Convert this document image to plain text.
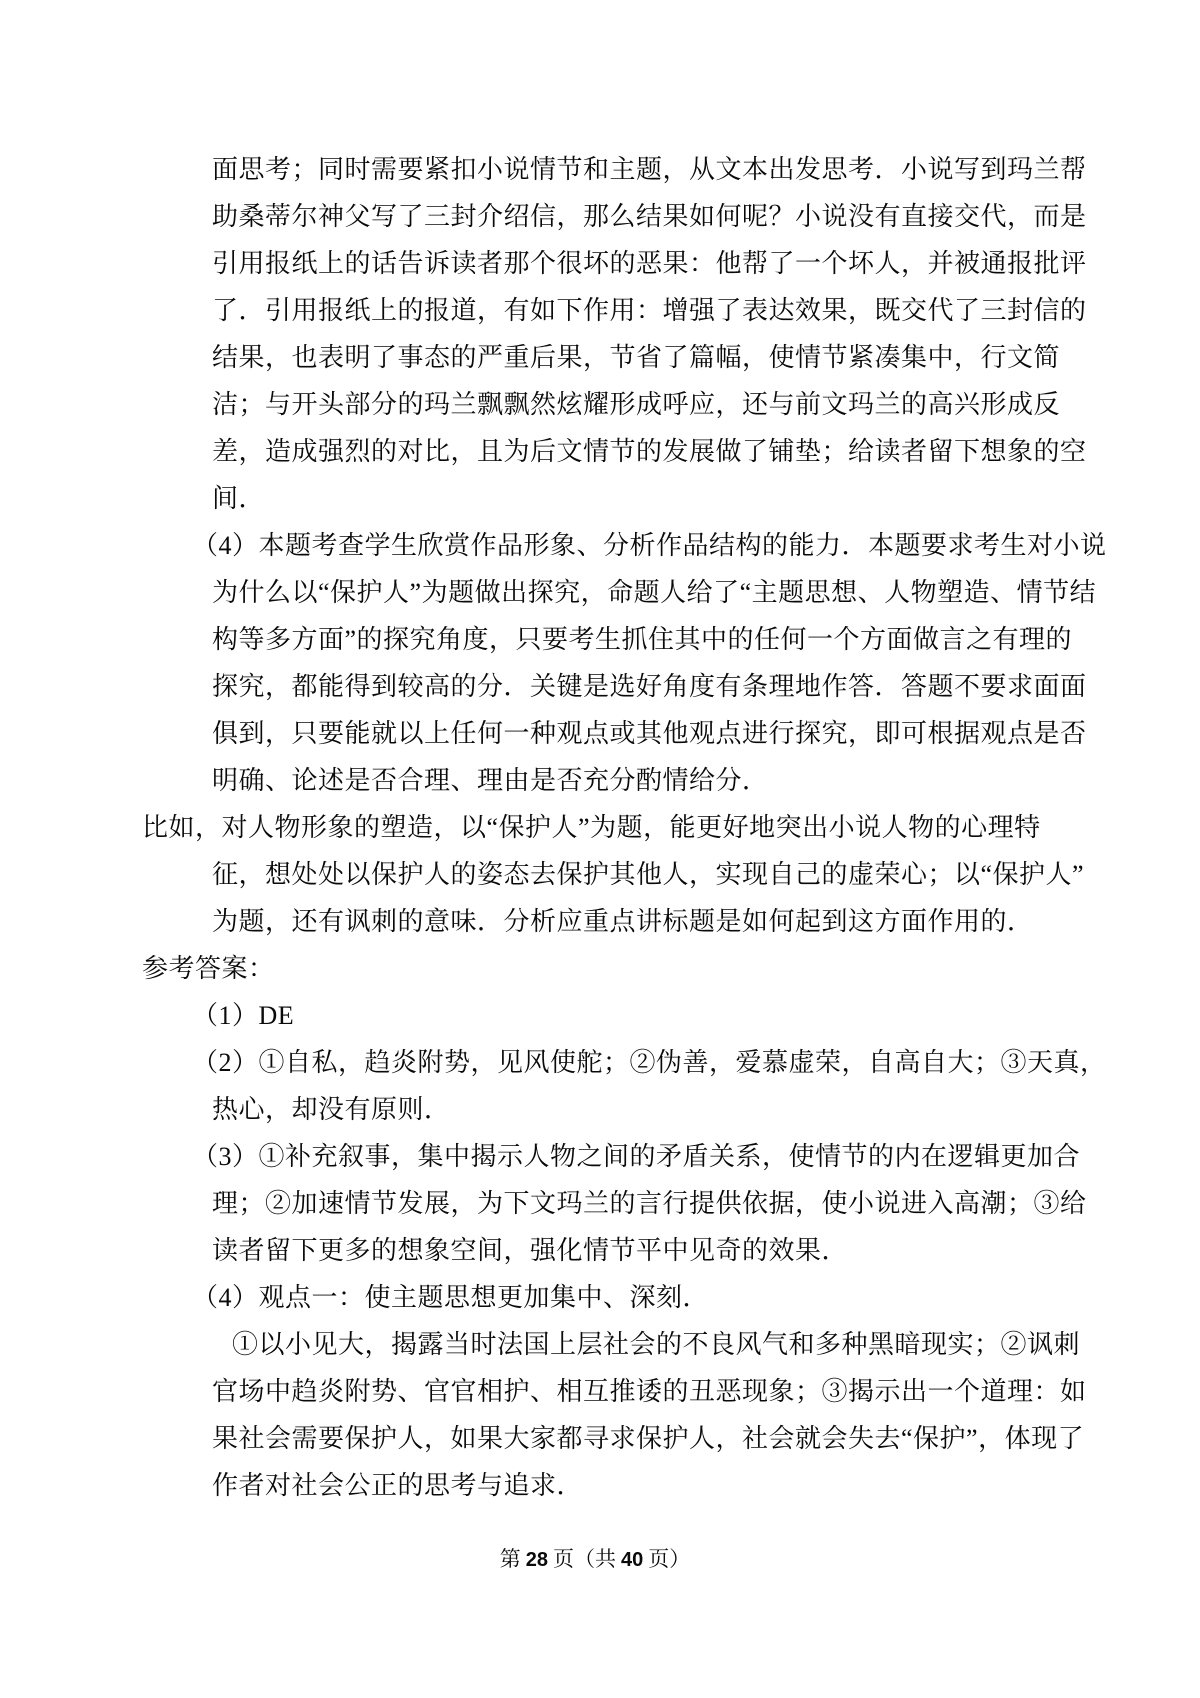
面思考；同时需要紧扣小说情节和主题，从文本出发思考．小说写到玛兰帮
助桑蒂尔神父写了三封介绍信，那么结果如何呢？小说没有直接交代，而是
引用报纸上的话告诉读者那个很坏的恶果：他帮了一个坏人，并被通报批评
了．引用报纸上的报道，有如下作用：增强了表达效果，既交代了三封信的
结果，也表明了事态的严重后果，节省了篇幅，使情节紧凑集中，行文简
洁；与开头部分的玛兰飘飘然炫耀形成呼应，还与前文玛兰的高兴形成反
差，造成强烈的对比，且为后文情节的发展做了铺垫；给读者留下想象的空
间．
（4）本题考查学生欣赏作品形象、分析作品结构的能力．本题要求考生对小说
为什么以“保护人”为题做出探究，命题人给了“主题思想、人物塑造、情节结
构等多方面”的探究角度，只要考生抓住其中的任何一个方面做言之有理的
探究，都能得到较高的分．关键是选好角度有条理地作答．答题不要求面面
俱到，只要能就以上任何一种观点或其他观点进行探究，即可根据观点是否
明确、论述是否合理、理由是否充分酌情给分．
比如，对人物形象的塑造，以“保护人”为题，能更好地突出小说人物的心理特
征，想处处以保护人的姿态去保护其他人，实现自己的虚荣心；以“保护人”
为题，还有讽刺的意味．分析应重点讲标题是如何起到这方面作用的．
参考答案：
（1）DE
（2）①自私，趋炎附势，见风使舵；②伪善，爱慕虚荣，自高自大；③天真，
热心，却没有原则．
（3）①补充叙事，集中揭示人物之间的矛盾关系，使情节的内在逻辑更加合
理；②加速情节发展，为下文玛兰的言行提供依据，使小说进入高潮；③给
读者留下更多的想象空间，强化情节平中见奇的效果．
（4）观点一：使主题思想更加集中、深刻．
①以小见大，揭露当时法国上层社会的不良风气和多种黑暗现实；②讽刺
官场中趋炎附势、官官相护、相互推诿的丑恶现象；③揭示出一个道理：如
果社会需要保护人，如果大家都寻求保护人，社会就会失去“保护”，体现了
作者对社会公正的思考与追求．
第 28 页（共 40 页）
